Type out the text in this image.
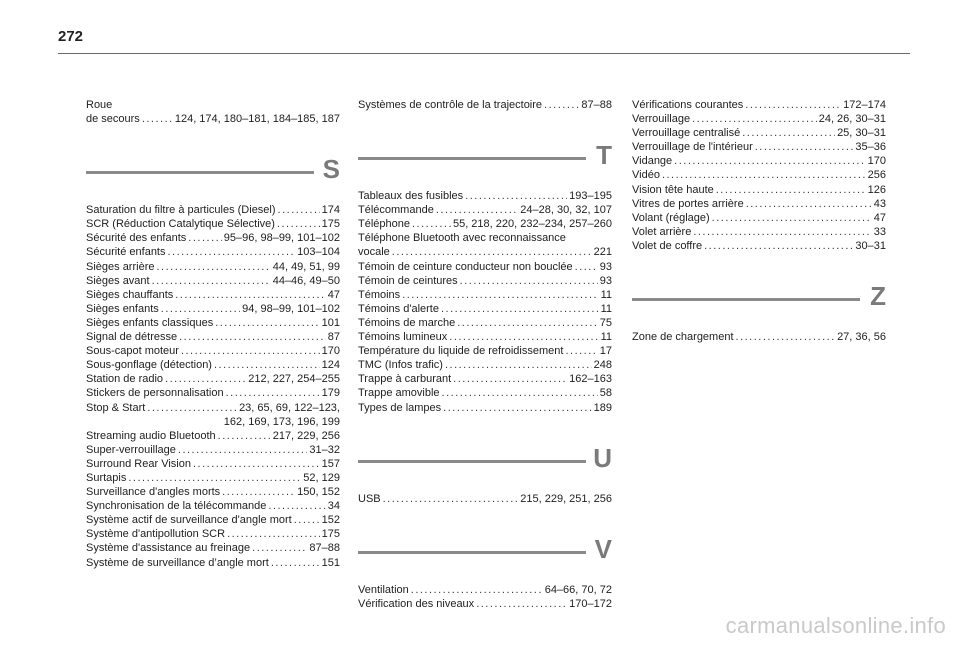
272
Roue
de secours .....	124, 174, 180–181, 184–185, 187
S
Saturation du filtre à particules (Diesel) .....	174
SCR (Réduction Catalytique Sélective) .....	175
Sécurité des enfants .....	95–96, 98–99, 101–102
Sécurité enfants .....	103–104
Sièges arrière .....	44, 49, 51, 99
Sièges avant .....	44–46, 49–50
Sièges chauffants .....	47
Sièges enfants .....	94, 98–99, 101–102
Sièges enfants classiques .....	101
Signal de détresse .....	87
Sous-capot moteur .....	170
Sous-gonflage (détection) .....	124
Station de radio .....	212, 227, 254–255
Stickers de personnalisation .....	179
Stop & Start .....	23, 65, 69, 122–123,
162, 169, 173, 196, 199
Streaming audio Bluetooth .....	217, 229, 256
Super-verrouillage .....	31–32
Surround Rear Vision .....	157
Surtapis .....	52, 129
Surveillance d'angles morts .....	150, 152
Synchronisation de la télécommande .....	34
Système actif de surveillance d'angle mort .....	152
Système d'antipollution SCR .....	175
Système d'assistance au freinage .....	87–88
Système de surveillance d’angle mort .....	151
Systèmes de contrôle de la trajectoire .....	87–88
T
Tableaux des fusibles .....	193–195
Télécommande .....	24–28, 30, 32, 107
Téléphone .....	55, 218, 220, 232–234, 257–260
Téléphone Bluetooth avec reconnaissance
vocale .....	221
Témoin de ceinture conducteur non bouclée ..... 93
Témoin de ceintures .....	93
Témoins .....	11
Témoins d'alerte .....	11
Témoins de marche .....	75
Témoins lumineux .....	11
Température du liquide de refroidissement .....	17
TMC (Infos trafic) .....	248
Trappe à carburant .....	162–163
Trappe amovible .....	58
Types de lampes .....	189
U
USB .....	215, 229, 251, 256
V
Ventilation .....	64–66, 70, 72
Vérification des niveaux .....	170–172
Vérifications courantes .....	172–174
Verrouillage .....	24, 26, 30–31
Verrouillage centralisé .....	25, 30–31
Verrouillage de l'intérieur .....	35–36
Vidange .....	170
Vidéo .....	256
Vision tête haute .....	126
Vitres de portes arrière .....	43
Volant (réglage) .....	47
Volet arrière .....	33
Volet de coffre .....	30–31
Z
Zone de chargement .....	27, 36, 56
carmanualsonline.info
